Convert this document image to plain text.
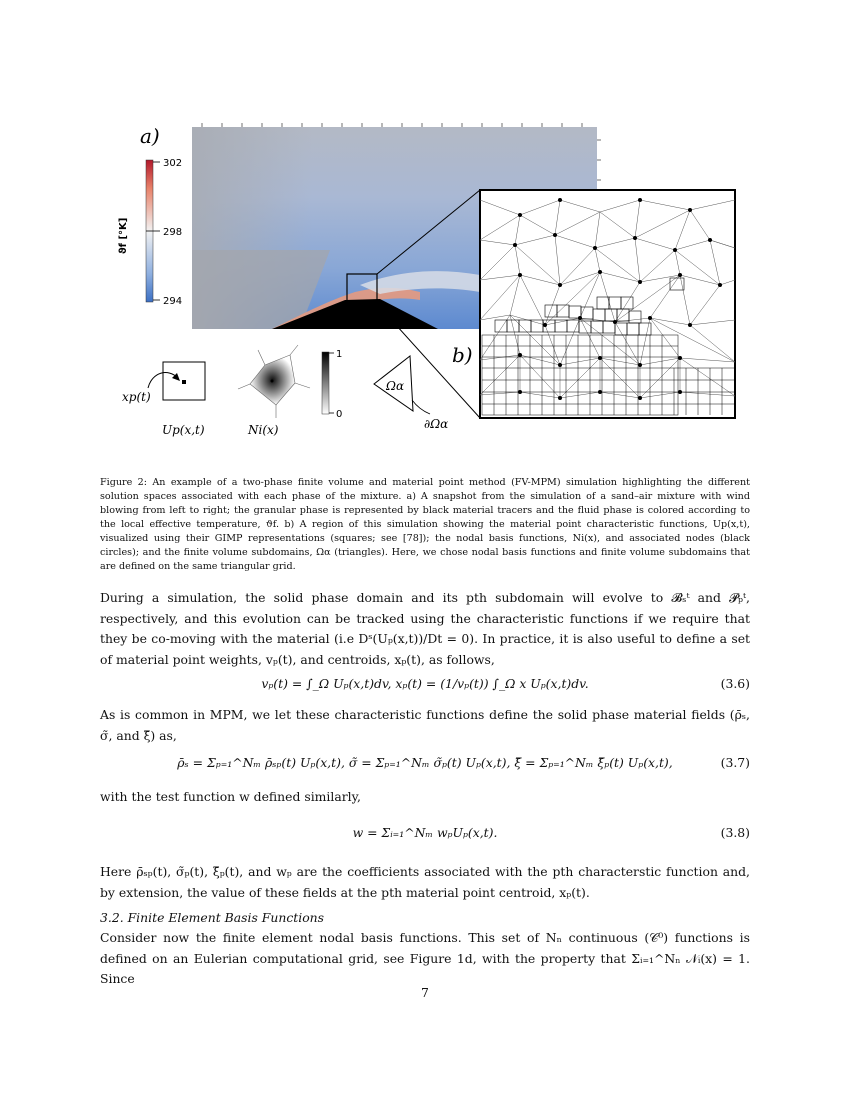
a)
302
298
294
ϑf [°K]
b)
xp(t)
Up(x,t)	Ni(x)
1
0
Ωα
∂Ωα
Figure 2: An example of a two-phase finite volume and material point method (FV-MPM) simulation highlighting the different solution spaces associated with each phase of the mixture. a) A snapshot from the simulation of a sand–air mixture with wind blowing from left to right; the granular phase is represented by black material tracers and the fluid phase is colored according to the local effective temperature, ϑf. b) A region of this simulation showing the material point characteristic functions, Up(x,t), visualized using their GIMP representations (squares; see [78]); the nodal basis functions, Ni(x), and associated nodes (black circles); and the finite volume subdomains, Ωα (triangles). Here, we chose nodal basis functions and finite volume subdomains that are defined on the same triangular grid.
During a simulation, the solid phase domain and its pth subdomain will evolve to 𝓑ₛᵗ and 𝓟ₚᵗ, respectively, and this evolution can be tracked using the characteristic functions if we require that they be co-moving with the material (i.e Dˢ(Uₚ(x,t))/Dt = 0). In practice, it is also useful to define a set of material point weights, vₚ(t), and centroids, xₚ(t), as follows,
vₚ(t) = ∫_Ω Uₚ(x,t)dv, xₚ(t) = (1/vₚ(t)) ∫_Ω x Uₚ(x,t)dv.	(3.6)
As is common in MPM, we let these characteristic functions define the solid phase material fields (ρ̄ₛ, σ̃, and ξ̄) as,
ρ̄ₛ = Σₚ₌₁^Nₘ ρ̄ₛₚ(t) Uₚ(x,t), σ̃ = Σₚ₌₁^Nₘ σ̃ₚ(t) Uₚ(x,t), ξ̄ = Σₚ₌₁^Nₘ ξ̄ₚ(t) Uₚ(x,t),	(3.7)
with the test function w defined similarly,
w = Σᵢ₌₁^Nₘ wₚUₚ(x,t).	(3.8)
Here ρ̄ₛₚ(t), σ̃ₚ(t), ξ̄ₚ(t), and wₚ are the coefficients associated with the pth characterstic function and, by extension, the value of these fields at the pth material point centroid, xₚ(t).
3.2. Finite Element Basis Functions
Consider now the finite element nodal basis functions. This set of Nₙ continuous (𝒞⁰) functions is defined on an Eulerian computational grid, see Figure 1d, with the property that Σᵢ₌₁^Nₙ 𝒩ᵢ(x) = 1. Since
7
